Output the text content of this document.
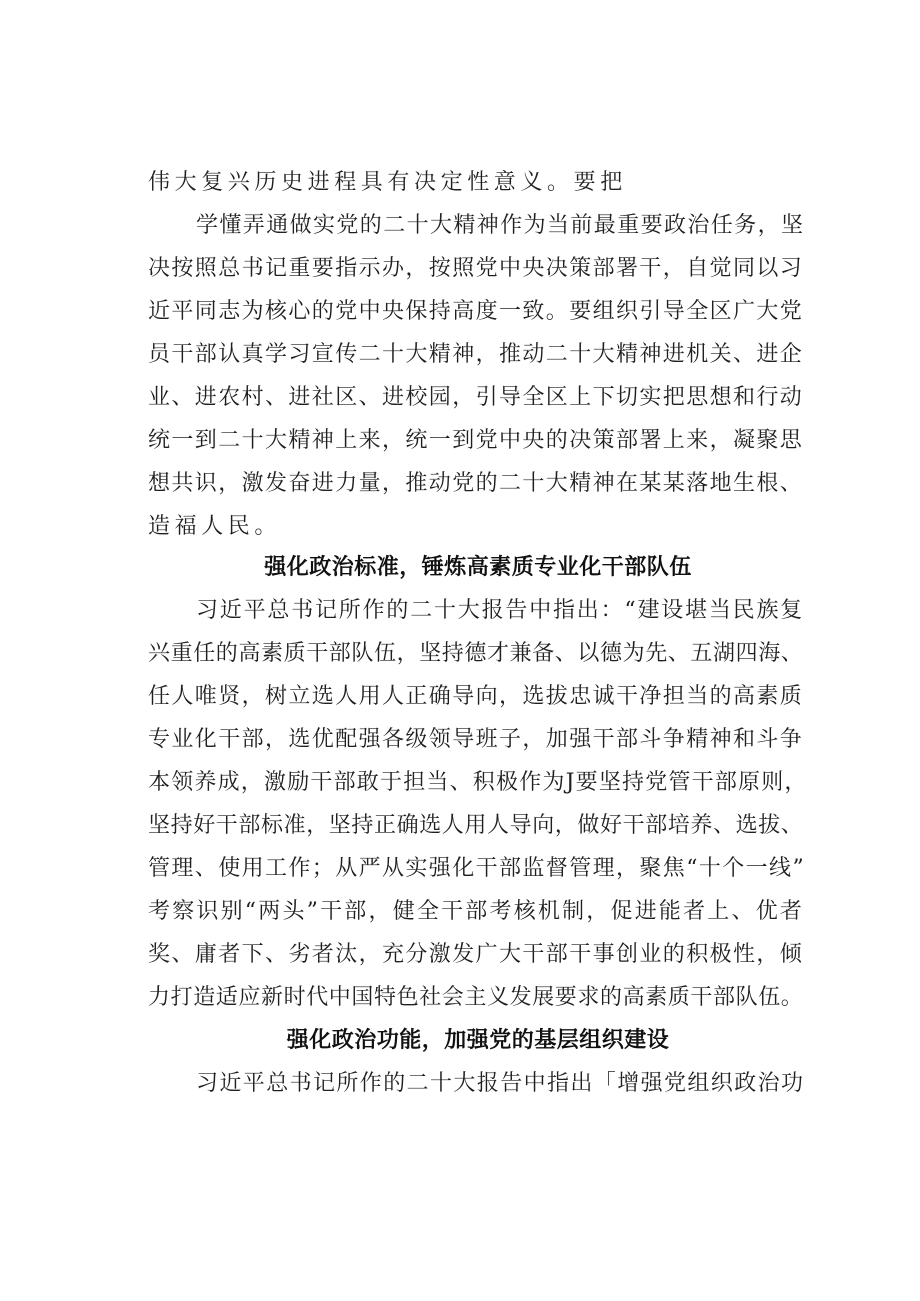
伟大复兴历史进程具有决定性意义。要把
学懂弄通做实党的二十大精神作为当前最重要政治任务，坚
决按照总书记重要指示办，按照党中央决策部署干，自觉同以习
近平同志为核心的党中央保持高度一致。要组织引导全区广大党
员干部认真学习宣传二十大精神，推动二十大精神进机关、进企
业、进农村、进社区、进校园，引导全区上下切实把思想和行动
统一到二十大精神上来，统一到党中央的决策部署上来，凝聚思
想共识，激发奋进力量，推动党的二十大精神在某某落地生根、
造福人民。
强化政治标准，锤炼高素质专业化干部队伍
习近平总书记所作的二十大报告中指出：“建设堪当民族复
兴重任的高素质干部队伍，坚持德才兼备、以德为先、五湖四海、
任人唯贤，树立选人用人正确导向，选拔忠诚干净担当的高素质
专业化干部，选优配强各级领导班子，加强干部斗争精神和斗争
本领养成，激励干部敢于担当、积极作为J要坚持党管干部原则，
坚持好干部标准，坚持正确选人用人导向，做好干部培养、选拔、
管理、使用工作；从严从实强化干部监督管理，聚焦“十个一线”
考察识别“两头”干部，健全干部考核机制，促进能者上、优者
奖、庸者下、劣者汰，充分激发广大干部干事创业的积极性，倾
力打造适应新时代中国特色社会主义发展要求的高素质干部队伍。
强化政治功能，加强党的基层组织建设
习近平总书记所作的二十大报告中指出「增强党组织政治功
